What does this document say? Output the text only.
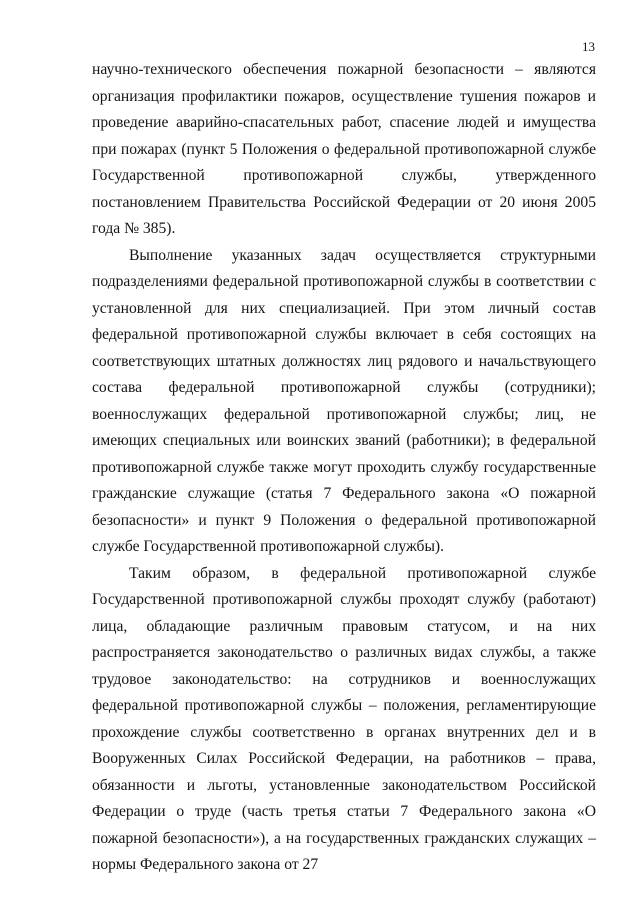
13

научно-технического обеспечения пожарной безопасности – являются организация профилактики пожаров, осуществление тушения пожаров и проведение аварийно-спасательных работ, спасение людей и имущества при пожарах (пункт 5 Положения о федеральной противопожарной службе Государственной противопожарной службы, утвержденного постановлением Правительства Российской Федерации от 20 июня 2005 года № 385).

Выполнение указанных задач осуществляется структурными подразделениями федеральной противопожарной службы в соответствии с установленной для них специализацией. При этом личный состав федеральной противопожарной службы включает в себя состоящих на соответствующих штатных должностях лиц рядового и начальствующего состава федеральной противопожарной службы (сотрудники); военнослужащих федеральной противопожарной службы; лиц, не имеющих специальных или воинских званий (работники); в федеральной противопожарной службе также могут проходить службу государственные гражданские служащие (статья 7 Федерального закона «О пожарной безопасности» и пункт 9 Положения о федеральной противопожарной службе Государственной противопожарной службы).

Таким образом, в федеральной противопожарной службе Государственной противопожарной службы проходят службу (работают) лица, обладающие различным правовым статусом, и на них распространяется законодательство о различных видах службы, а также трудовое законодательство: на сотрудников и военнослужащих федеральной противопожарной службы – положения, регламентирующие прохождение службы соответственно в органах внутренних дел и в Вооруженных Силах Российской Федерации, на работников – права, обязанности и льготы, установленные законодательством Российской Федерации о труде (часть третья статьи 7 Федерального закона «О пожарной безопасности»), а на государственных гражданских служащих – нормы Федерального закона от 27
